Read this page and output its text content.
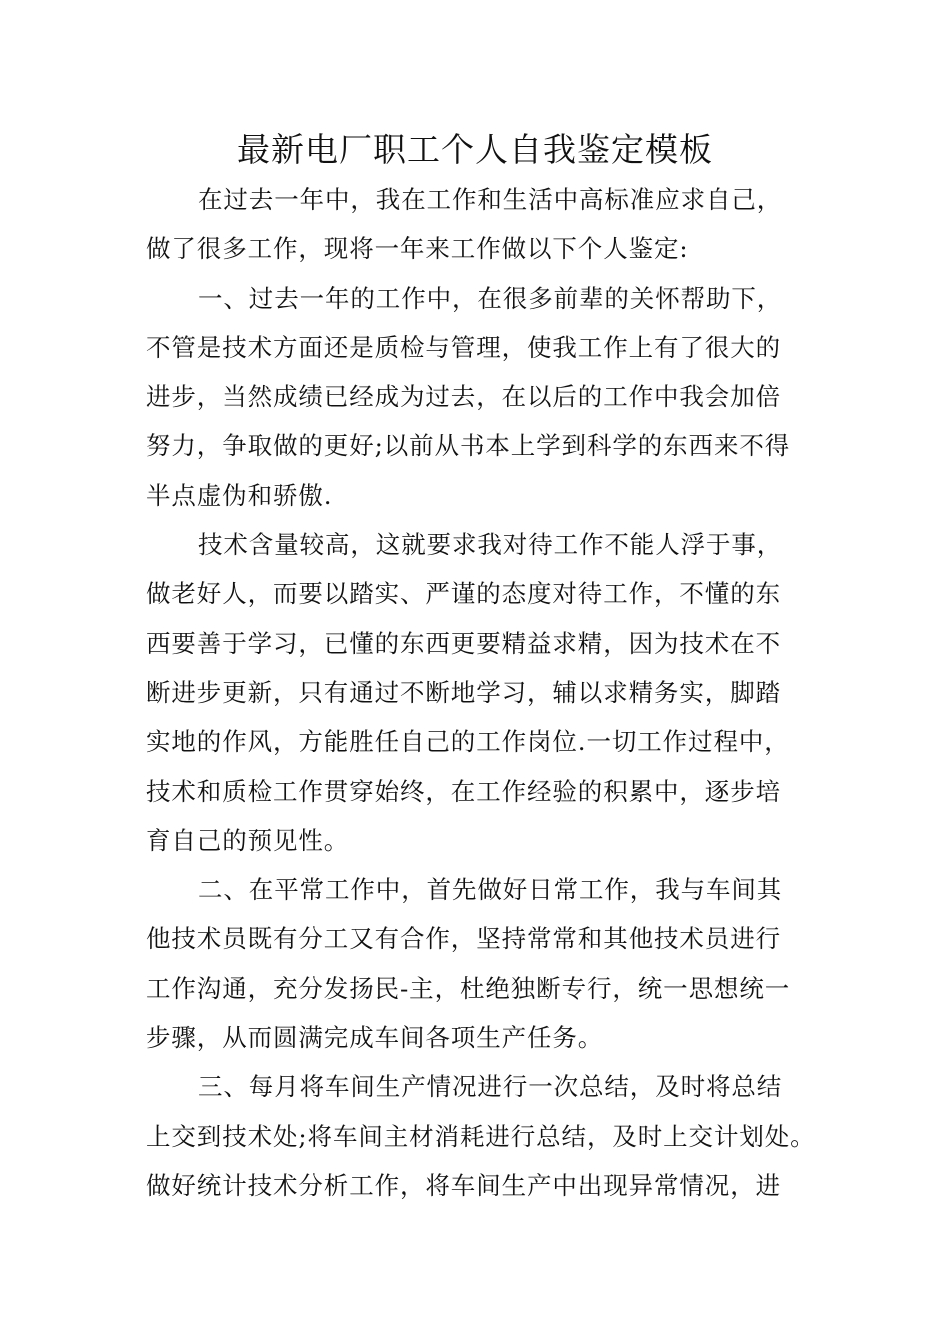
最新电厂职工个人自我鉴定模板
在过去一年中，我在工作和生活中高标准应求自己，
做了很多工作，现将一年来工作做以下个人鉴定:
一、过去一年的工作中，在很多前辈的关怀帮助下，
不管是技术方面还是质检与管理，使我工作上有了很大的
进步，当然成绩已经成为过去，在以后的工作中我会加倍
努力，争取做的更好;以前从书本上学到科学的东西来不得
半点虚伪和骄傲.
技术含量较高，这就要求我对待工作不能人浮于事，
做老好人，而要以踏实、严谨的态度对待工作，不懂的东
西要善于学习，已懂的东西更要精益求精，因为技术在不
断进步更新，只有通过不断地学习，辅以求精务实，脚踏
实地的作风，方能胜任自己的工作岗位.一切工作过程中，
技术和质检工作贯穿始终，在工作经验的积累中，逐步培
育自己的预见性。
二、在平常工作中，首先做好日常工作，我与车间其
他技术员既有分工又有合作，坚持常常和其他技术员进行
工作沟通，充分发扬民-主，杜绝独断专行，统一思想统一
步骤，从而圆满完成车间各项生产任务。
三、每月将车间生产情况进行一次总结，及时将总结
上交到技术处;将车间主材消耗进行总结，及时上交计划处。
做好统计技术分析工作，将车间生产中出现异常情况，进
